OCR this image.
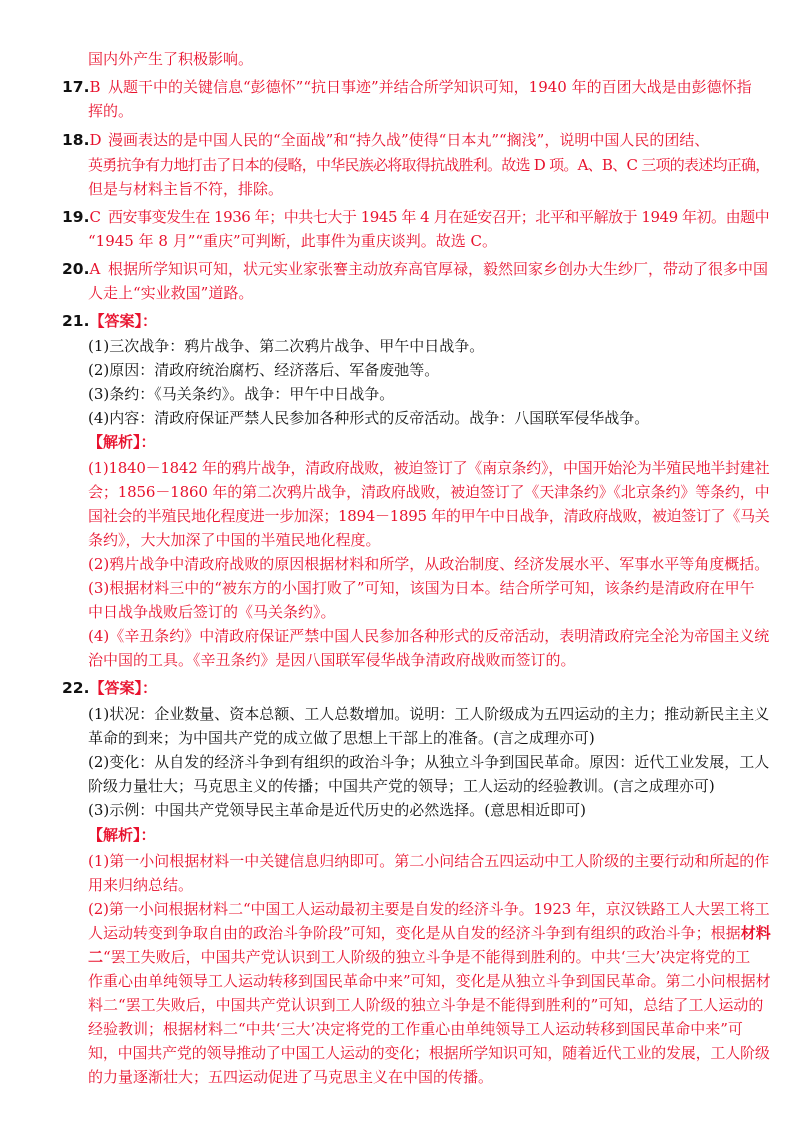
国内外产生了积极影响。
17.B 从题干中的关键信息“彭德怀”“抗日事迹”并结合所学知识可知，1940 年的百团大战是由彭德怀指
挥的。
18.D 漫画表达的是中国人民的“全面战”和“持久战”使得“日本丸”“搁浅”，说明中国人民的团结、
英勇抗争有力地打击了日本的侵略，中华民族必将取得抗战胜利。故选 D 项。A、B、C 三项的表述均正确，
但是与材料主旨不符，排除。
19.C 西安事变发生在 1936 年；中共七大于 1945 年 4 月在延安召开；北平和平解放于 1949 年初。由题中
“1945 年 8 月”“重庆”可判断，此事件为重庆谈判。故选 C。
20.A 根据所学知识可知，状元实业家张謇主动放弃高官厚禄，毅然回家乡创办大生纱厂，带动了很多中国
人走上“实业救国”道路。
21.【答案】：
(1)三次战争：鸦片战争、第二次鸦片战争、甲午中日战争。
(2)原因：清政府统治腐朽、经济落后、军备废弛等。
(3)条约：《马关条约》。战争：甲午中日战争。
(4)内容：清政府保证严禁人民参加各种形式的反帝活动。战争：八国联军侵华战争。
【解析】：
(1)1840－1842 年的鸦片战争，清政府战败，被迫签订了《南京条约》，中国开始沦为半殖民地半封建社
会；1856－1860 年的第二次鸦片战争，清政府战败，被迫签订了《天津条约》《北京条约》等条约，中
国社会的半殖民地化程度进一步加深；1894－1895 年的甲午中日战争，清政府战败，被迫签订了《马关
条约》，大大加深了中国的半殖民地化程度。
(2)鸦片战争中清政府战败的原因根据材料和所学，从政治制度、经济发展水平、军事水平等角度概括。
(3)根据材料三中的“被东方的小国打败了”可知，该国为日本。结合所学可知，该条约是清政府在甲午
中日战争战败后签订的《马关条约》。
(4)《辛丑条约》中清政府保证严禁中国人民参加各种形式的反帝活动，表明清政府完全沦为帝国主义统
治中国的工具。《辛丑条约》是因八国联军侵华战争清政府战败而签订的。
22.【答案】：
(1)状况：企业数量、资本总额、工人总数增加。说明：工人阶级成为五四运动的主力；推动新民主主义
革命的到来；为中国共产党的成立做了思想上干部上的准备。(言之成理亦可)
(2)变化：从自发的经济斗争到有组织的政治斗争；从独立斗争到国民革命。原因：近代工业发展，工人
阶级力量壮大；马克思主义的传播；中国共产党的领导；工人运动的经验教训。(言之成理亦可)
(3)示例：中国共产党领导民主革命是近代历史的必然选择。(意思相近即可)
【解析】：
(1)第一小问根据材料一中关键信息归纳即可。第二小问结合五四运动中工人阶级的主要行动和所起的作
用来归纳总结。
(2)第一小问根据材料二“中国工人运动最初主要是自发的经济斗争。1923 年，京汉铁路工人大罢工将工
人运动转变到争取自由的政治斗争阶段”可知，变化是从自发的经济斗争到有组织的政治斗争；根据材料
二“罢工失败后，中国共产党认识到工人阶级的独立斗争是不能得到胜利的。中共‘三大’决定将党的工
作重心由单纯领导工人运动转移到国民革命中来”可知，变化是从独立斗争到国民革命。第二小问根据材
料二“罢工失败后，中国共产党认识到工人阶级的独立斗争是不能得到胜利的”可知，总结了工人运动的
经验教训；根据材料二“中共‘三大’决定将党的工作重心由单纯领导工人运动转移到国民革命中来”可
知，中国共产党的领导推动了中国工人运动的变化；根据所学知识可知，随着近代工业的发展，工人阶级
的力量逐渐壮大；五四运动促进了马克思主义在中国的传播。
